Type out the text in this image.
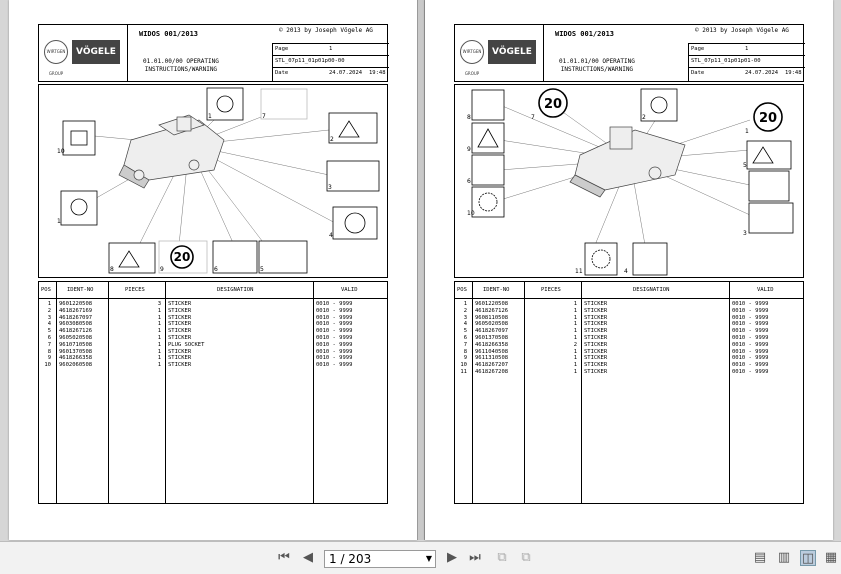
WIRTGEN GROUP
VÖGELE
WIDOS 001/2013	© 2013 by Joseph Vögele AG
01.01.00/00 OPERATING
INSTRUCTIONS/WARNING
Page	1
STL_07p11_01p01p00-00
Date	24.07.2024 19:48
20
1	7
2
3
4
5
6
8	9
10
1
POS	IDENT-NO	PIECES	DESIGNATION	VALID
1 9601220508	3 STICKER	0010 - 9999
2 4618267169	1 STICKER	0010 - 9999
3 4618267097	1 STICKER	0010 - 9999
4 9603080508	1 STICKER	0010 - 9999
5 4618267126	1 STICKER	0010 - 9999
6 9605020508	1 STICKER	0010 - 9999
7 9610710508	1 PLUG SOCKET	0010 - 9999
8 9601370508	1 STICKER	0010 - 9999
9 4618266358	1 STICKER	0010 - 9999
10 9602060508	1 STICKER	0010 - 9999
WIRTGEN GROUP
VÖGELE
WIDOS 001/2013	© 2013 by Joseph Vögele AG
01.01.01/00 OPERATING
INSTRUCTIONS/WARNING
Page	1
STL_07p11_01p01p01-00
Date	24.07.2024 19:48
20
20
8	7	2
9
6
10
11	4
5
3
1
POS	IDENT-NO	PIECES	DESIGNATION	VALID
1 9601220508	1 STICKER	0010 - 9999
2 4618267126	1 STICKER	0010 - 9999
3 9608110508	1 STICKER	0010 - 9999
4 9605020508	1 STICKER	0010 - 9999
5 4618267097	1 STICKER	0010 - 9999
6 9601370508	1 STICKER	0010 - 9999
7 4618266358	2 STICKER	0010 - 9999
8 9611040508	1 STICKER	0010 - 9999
9 9611310508	1 STICKER	0010 - 9999
10 4618267207	1 STICKER	0010 - 9999
11 4618267208	1 STICKER	0010 - 9999
⏮ ◀	1 / 203	▼ ▶ ⏭ ⧉ ⧉	▤ ▥ ◫ ▦
